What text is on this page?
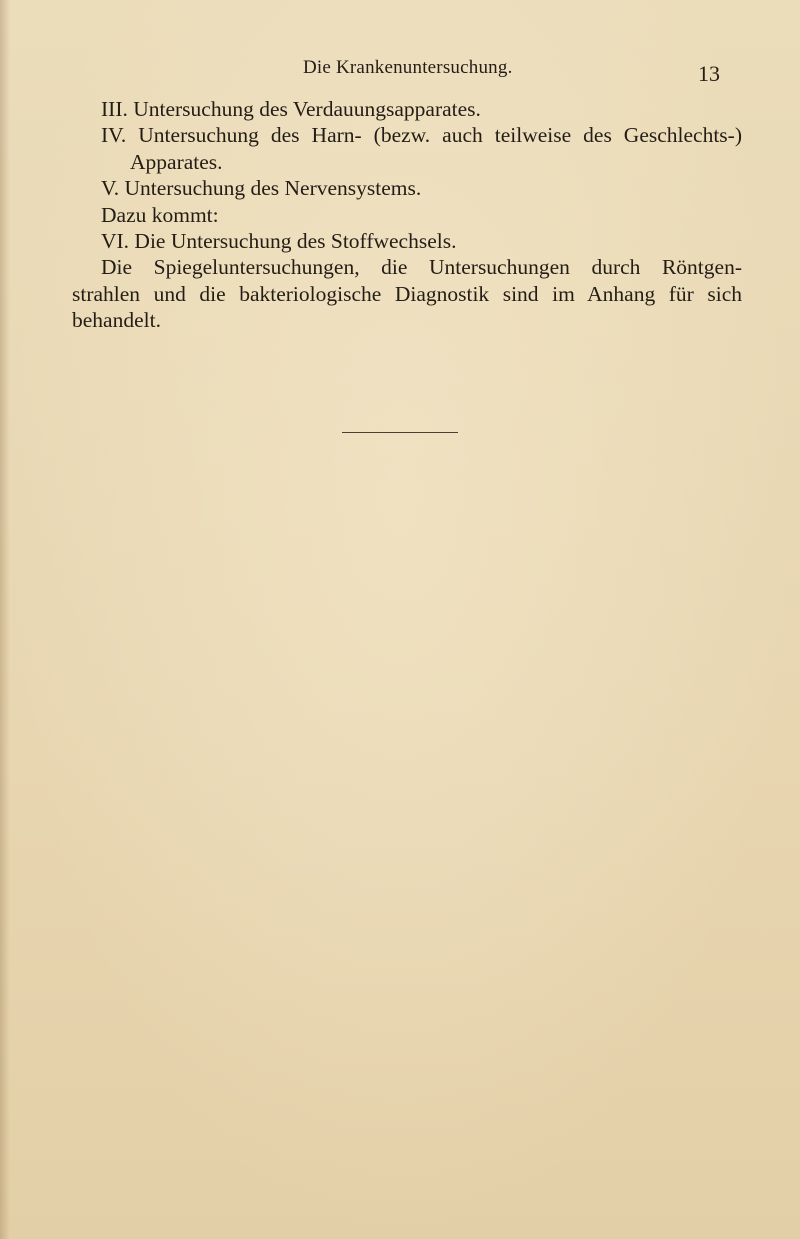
Die Krankenuntersuchung.	13
III. Untersuchung des Verdauungsapparates.
IV. Untersuchung des Harn- (bezw. auch teilweise des Geschlechts-)
Apparates.
V. Untersuchung des Nervensystems.
Dazu kommt:
VI. Die Untersuchung des Stoffwechsels.
Die Spiegeluntersuchungen, die Untersuchungen durch Röntgen-
strahlen und die bakteriologische Diagnostik sind im Anhang für sich
behandelt.
